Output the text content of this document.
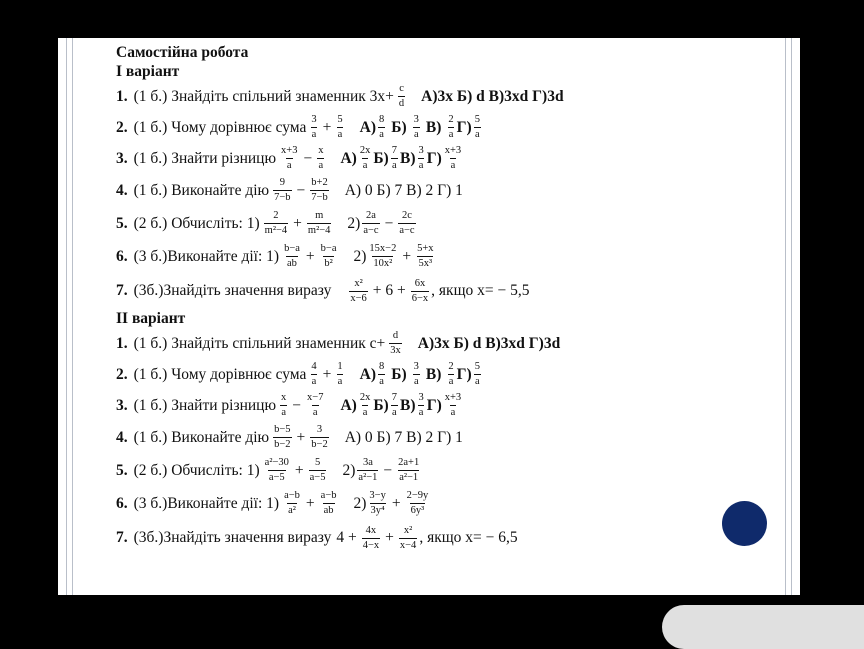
Самостійна робота
I варіант
1. (1 б.) Знайдіть спільний знаменник $3x+ \frac{c}{d} А)3x$ Б) d В)3xd Г)3d
2. (1 б.) Чому дорівнює сума 3
$a + \frac{5}{a} А$) 8
a Б) 3
a В) 2
a Г) 5
a
3. (1 б.) Знайти різницю x+3
$a - \frac{x}{a} А$) 2x
a Б) 7
a В) 3
a Г) x+3
a
4. (1 б.) Виконайте дію 9
$7-b - \frac{b+2}{7-b} А$) 0 Б) 7 В) 2 Г) 1
5. (2 б.) Обчисліть: 1) 2
$m^2-4 + \frac{m}{\text{m²−4}} 2$) 2a
$a-c - \frac{2c}{a-c}$
6. (3 б.)Виконайте дії: 1) b−a
ab + $\frac{b-a}{\text{b²}} 2$) 15x−2
$10x^2 + \frac{5+x}{\text{5x³}}$
7. (3б.)Знайдіть значення виразу x²
$x-6 + 6 + \frac{6x}{6-x}$ , якщо x= − 5,5
II варіант
1. (1 б.) Знайдіть спільний знаменник $c+ \frac{d}{3x} А)3x$ Б) d В)3xd Г)3d
2. (1 б.) Чому дорівнює сума 4
$a + \frac{1}{a} А$) 8
a Б) 3
a В) 2
a Г) 5
a
3. (1 б.) Знайти різницю x
$a - \frac{x-7}{a} А$) 2x
a Б) 7
a В) 3
a Г) x+3
a
4. (1 б.) Виконайте дію b−5
$b-2 + \frac{3}{b-2} А$) 0 Б) 7 В) 2 Г) 1
5. (2 б.) Обчисліть: 1) a²−30
$a-5 + \frac{5}{a-5} 2$) 3a
$a^2-1 - \frac{2a+1}{\text{a²−1}}$
6. (3 б.)Виконайте дії: 1) a−b
$a^2 + \frac{a-b}{ab} 2$) 3−y
$3y^4 + \frac{2-9y}{\text{6y³}}$
7. (3б.)Знайдіть значення виразу $4 + \frac{4x}{4-x} + \frac{\text{x²}}{x-4}$ , якщо x= − 6,5
